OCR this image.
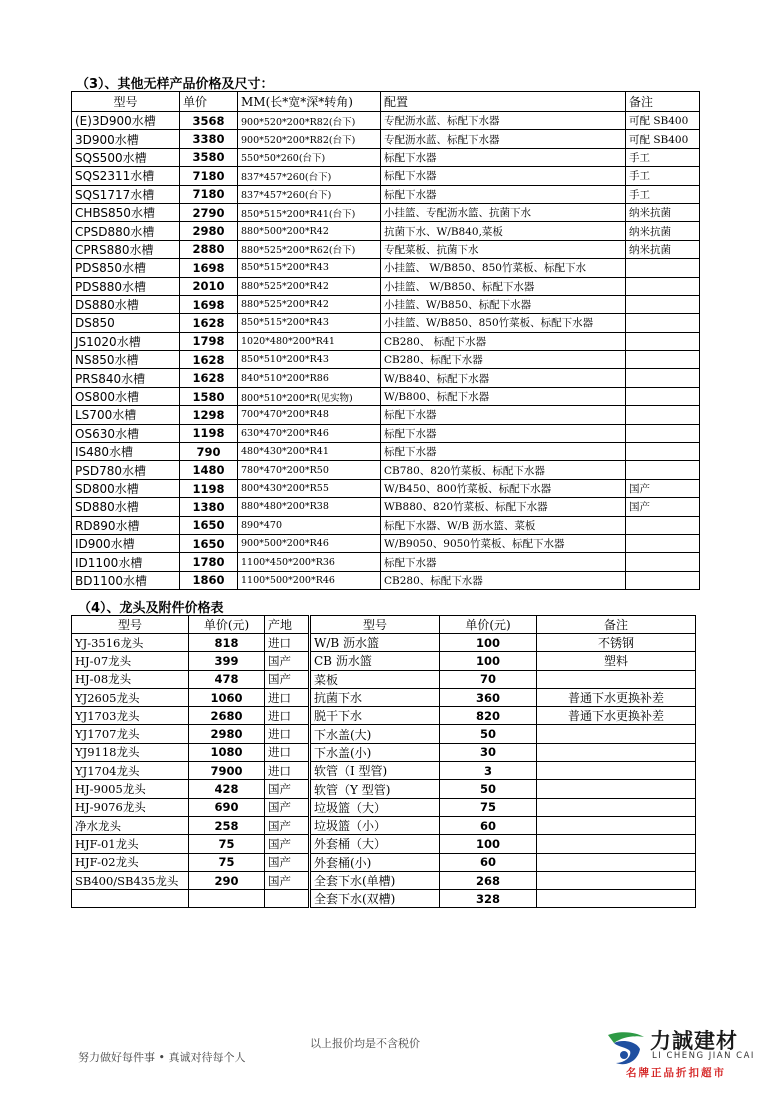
（3）、其他无样产品价格及尺寸：
型号	单价	MM(长*宽*深*转角)	配置	备注
(E)3D900水槽	3568	900*520*200*R82(台下)	专配沥水蓝、标配下水器	可配 SB400
3D900水槽	3380	900*520*200*R82(台下)	专配沥水蓝、标配下水器	可配 SB400
SQS500水槽	3580	550*50*260(台下)	标配下水器	手工
SQS2311水槽	7180	837*457*260(台下)	标配下水器	手工
SQS1717水槽	7180	837*457*260(台下)	标配下水器	手工
CHBS850水槽	2790	850*515*200*R41(台下)	小挂篮、专配沥水篮、抗菌下水	纳米抗菌
CPSD880水槽	2980	880*500*200*R42	抗菌下水、W/B840,菜板	纳米抗菌
CPRS880水槽	2880	880*525*200*R62(台下)	专配菜板、抗菌下水	纳米抗菌
PDS850水槽	1698	850*515*200*R43	小挂篮、 W/B850、850竹菜板、标配下水	
PDS880水槽	2010	880*525*200*R42	小挂篮、 W/B850、标配下水器	
DS880水槽	1698	880*525*200*R42	小挂篮、W/B850、标配下水器	
DS850	1628	850*515*200*R43	小挂篮、W/B850、850竹菜板、标配下水器	
JS1020水槽	1798	1020*480*200*R41	CB280、 标配下水器	
NS850水槽	1628	850*510*200*R43	CB280、标配下水器	
PRS840水槽	1628	840*510*200*R86	W/B840、标配下水器	
OS800水槽	1580	800*510*200*R(见实物)	W/B800、标配下水器	
LS700水槽	1298	700*470*200*R48	标配下水器	
OS630水槽	1198	630*470*200*R46	标配下水器	
IS480水槽	790	480*430*200*R41	标配下水器	
PSD780水槽	1480	780*470*200*R50	CB780、820竹菜板、标配下水器	
SD800水槽	1198	800*430*200*R55	W/B450、800竹菜板、标配下水器	国产
SD880水槽	1380	880*480*200*R38	WB880、820竹菜板、标配下水器	国产
RD890水槽	1650	890*470	标配下水器、W/B 沥水篮、菜板	
ID900水槽	1650	900*500*200*R46	W/B9050、9050竹菜板、标配下水器	
ID1100水槽	1780	1100*450*200*R36	标配下水器	
BD1100水槽	1860	1100*500*200*R46	CB280、标配下水器	
（4）、龙头及附件价格表
型号	单价(元)	产地
YJ-3516龙头	818	进口
HJ-07龙头	399	国产
HJ-08龙头	478	国产
YJ2605龙头	1060	进口
YJ1703龙头	2680	进口
YJ1707龙头	2980	进口
YJ9118龙头	1080	进口
YJ1704龙头	7900	进口
HJ-9005龙头	428	国产
HJ-9076龙头	690	国产
净水龙头	258	国产
HJF-01龙头	75	国产
HJF-02龙头	75	国产
SB400/SB435龙头	290	国产

型号	单价(元)	备注
W/B 沥水篮	100	不锈钢
CB 沥水篮	100	塑料
菜板	70	
抗菌下水	360	普通下水更换补差
脱干下水	820	普通下水更换补差
下水盖(大)	50	
下水盖(小)	30	
软管（I 型管)	3	
软管（Y 型管)	50	
垃圾篮（大）	75	
垃圾篮（小）	60	
外套桶（大）	100	
外套桶(小)	60	
全套下水(单槽)	268	
全套下水(双槽)	328	
以上报价均是不含税价
努力做好每件事 • 真诚对待每个人
力誠建材
LI CHENG JIAN CAI
名牌正品折扣超市
